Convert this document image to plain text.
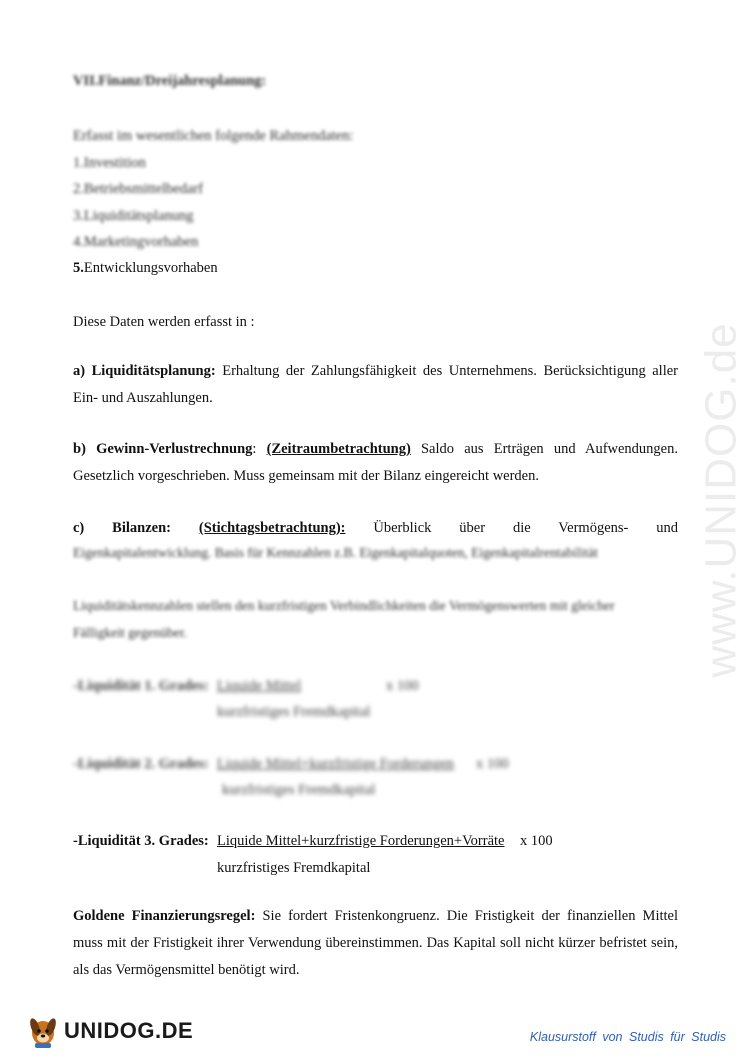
www.UNIDOG.de
VII.Finanz/Dreijahresplanung:
Erfasst im wesentlichen folgende Rahmendaten:
1.Investition
2.Betriebsmittelbedarf
3.Liquiditätsplanung
4.Marketingvorhaben
5.Entwicklungsvorhaben
Diese Daten werden erfasst in :
a) Liquiditätsplanung: Erhaltung der Zahlungsfähigkeit des Unternehmens. Berücksichtigung aller Ein- und Auszahlungen.
b) Gewinn-Verlustrechnung: (Zeitraumbetrachtung) Saldo aus Erträgen und Aufwendungen. Gesetzlich vorgeschrieben. Muss gemeinsam mit der Bilanz eingereicht werden.
c) Bilanzen: (Stichtagsbetrachtung): Überblick über die Vermögens- und
Eigenkapitalentwicklung. Basis für Kennzahlen z.B. Eigenkapitalquoten, Eigenkapitalrentabilität
Liquiditätskennzahlen stellen den kurzfristigen Verbindlichkeiten die Vermögenswerten mit gleicher
Fälligkeit gegenüber.
-Liquidität 1. Grades: Liquide Mittel	x 100
kurzfristiges Fremdkapital
-Liquidität 2. Grades: Liquide Mittel+kurzfristige Forderungen x 100
kurzfristiges Fremdkapital
-Liquidität 3. Grades: Liquide Mittel+kurzfristige Forderungen+Vorräte x 100
kurzfristiges Fremdkapital
Goldene Finanzierungsregel: Sie fordert Fristenkongruenz. Die Fristigkeit der finanziellen Mittel muss mit der Fristigkeit ihrer Verwendung übereinstimmen. Das Kapital soll nicht kürzer befristet sein, als das Vermögensmittel benötigt wird.
UNIDOG.DE	Klausurstoff von Studis für Studis
